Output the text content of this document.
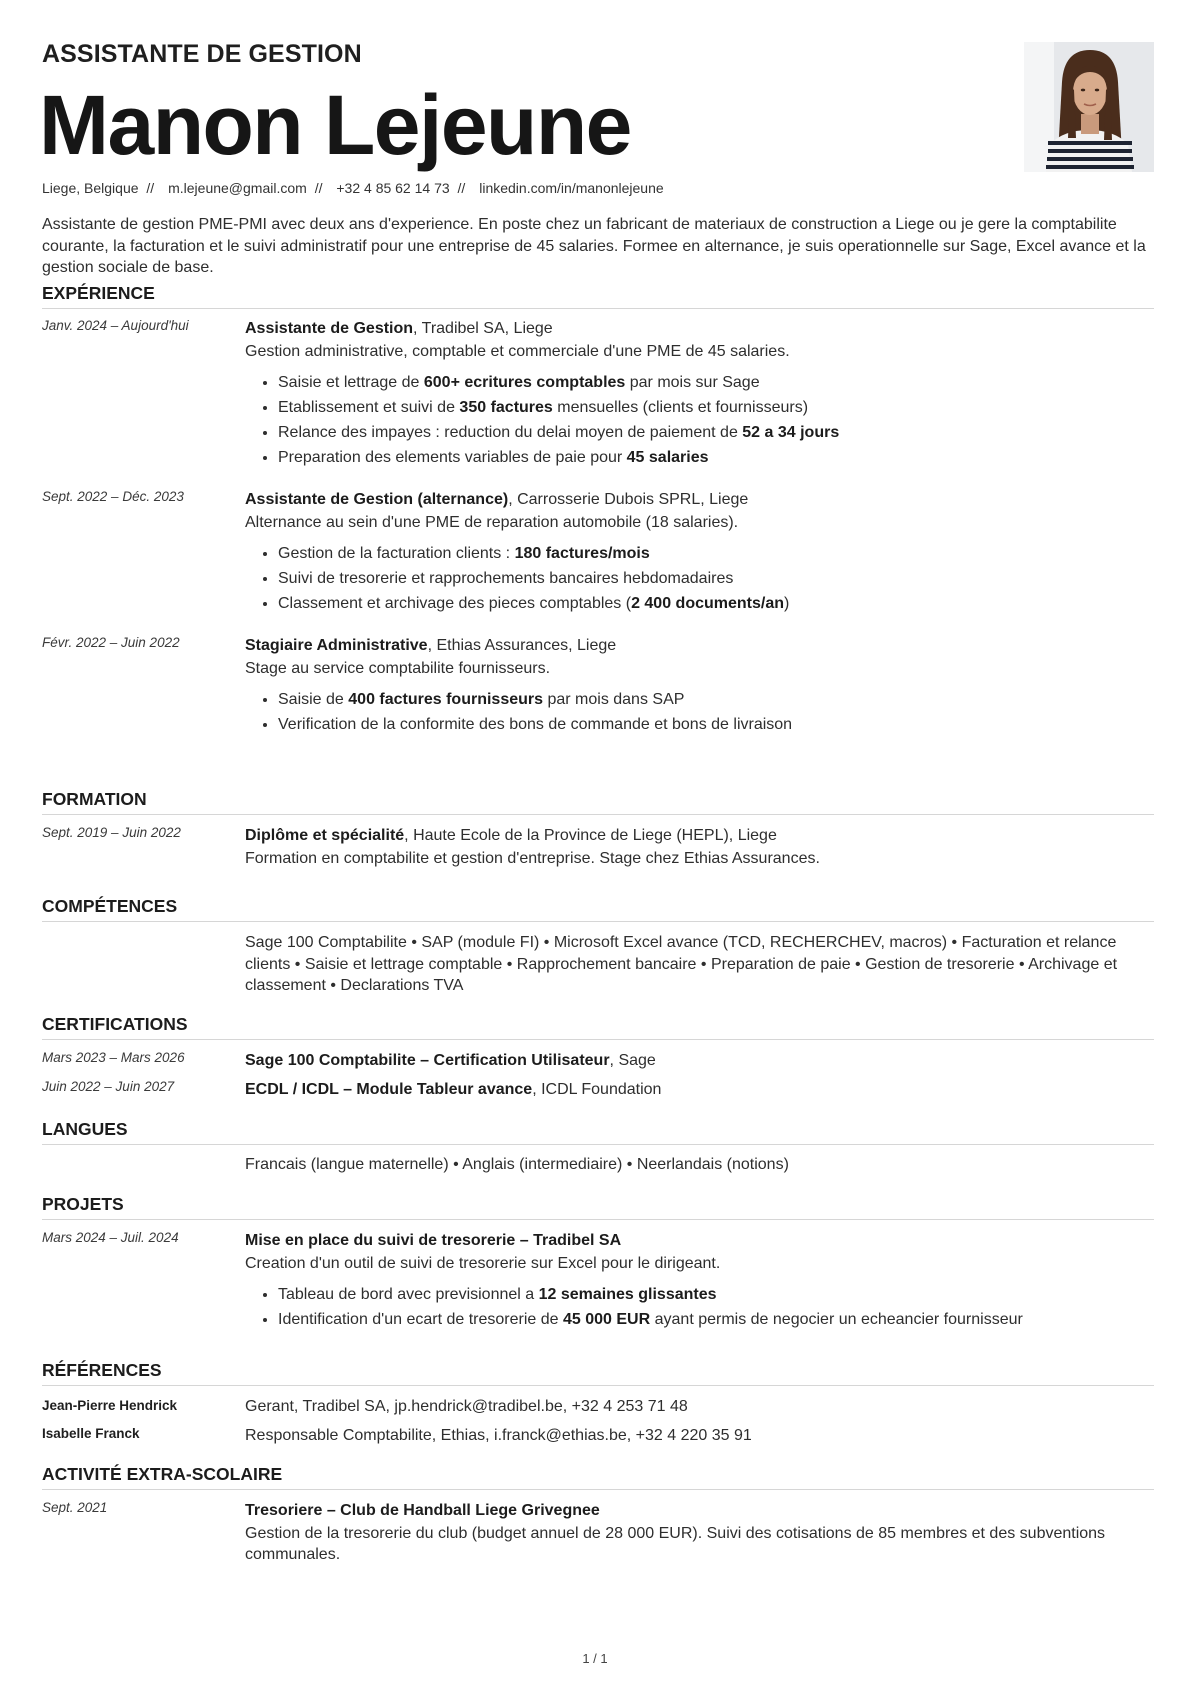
ASSISTANTE DE GESTION
Manon Lejeune
Liege, Belgique // m.lejeune@gmail.com // +32 4 85 62 14 73 // linkedin.com/in/manonlejeune
Assistante de gestion PME-PMI avec deux ans d'experience. En poste chez un fabricant de materiaux de construction a Liege ou je gere la comptabilite courante, la facturation et le suivi administratif pour une entreprise de 45 salaries. Formee en alternance, je suis operationnelle sur Sage, Excel avance et la gestion sociale de base.
EXPÉRIENCE
Janv. 2024 – Aujourd'hui	Assistante de Gestion, Tradibel SA, Liege
Gestion administrative, comptable et commerciale d'une PME de 45 salaries.
• Saisie et lettrage de 600+ ecritures comptables par mois sur Sage
• Etablissement et suivi de 350 factures mensuelles (clients et fournisseurs)
• Relance des impayes : reduction du delai moyen de paiement de 52 a 34 jours
• Preparation des elements variables de paie pour 45 salaries
Sept. 2022 – Déc. 2023	Assistante de Gestion (alternance), Carrosserie Dubois SPRL, Liege
Alternance au sein d'une PME de reparation automobile (18 salaries).
• Gestion de la facturation clients : 180 factures/mois
• Suivi de tresorerie et rapprochements bancaires hebdomadaires
• Classement et archivage des pieces comptables (2 400 documents/an)
Févr. 2022 – Juin 2022	Stagiaire Administrative, Ethias Assurances, Liege
Stage au service comptabilite fournisseurs.
• Saisie de 400 factures fournisseurs par mois dans SAP
• Verification de la conformite des bons de commande et bons de livraison
FORMATION
Sept. 2019 – Juin 2022	Diplôme et spécialité, Haute Ecole de la Province de Liege (HEPL), Liege
Formation en comptabilite et gestion d'entreprise. Stage chez Ethias Assurances.
COMPÉTENCES
Sage 100 Comptabilite • SAP (module FI) • Microsoft Excel avance (TCD, RECHERCHEV, macros) • Facturation et relance clients • Saisie et lettrage comptable • Rapprochement bancaire • Preparation de paie • Gestion de tresorerie • Archivage et classement • Declarations TVA
CERTIFICATIONS
Mars 2023 – Mars 2026	Sage 100 Comptabilite – Certification Utilisateur, Sage
Juin 2022 – Juin 2027	ECDL / ICDL – Module Tableur avance, ICDL Foundation
LANGUES
Francais (langue maternelle) • Anglais (intermediaire) • Neerlandais (notions)
PROJETS
Mars 2024 – Juil. 2024	Mise en place du suivi de tresorerie – Tradibel SA
Creation d'un outil de suivi de tresorerie sur Excel pour le dirigeant.
• Tableau de bord avec previsionnel a 12 semaines glissantes
• Identification d'un ecart de tresorerie de 45 000 EUR ayant permis de negocier un echeancier fournisseur
RÉFÉRENCES
Jean-Pierre Hendrick	Gerant, Tradibel SA, jp.hendrick@tradibel.be, +32 4 253 71 48
Isabelle Franck	Responsable Comptabilite, Ethias, i.franck@ethias.be, +32 4 220 35 91
ACTIVITÉ EXTRA-SCOLAIRE
Sept. 2021	Tresoriere – Club de Handball Liege Grivegnee
Gestion de la tresorerie du club (budget annuel de 28 000 EUR). Suivi des cotisations de 85 membres et des subventions communales.
1 / 1
